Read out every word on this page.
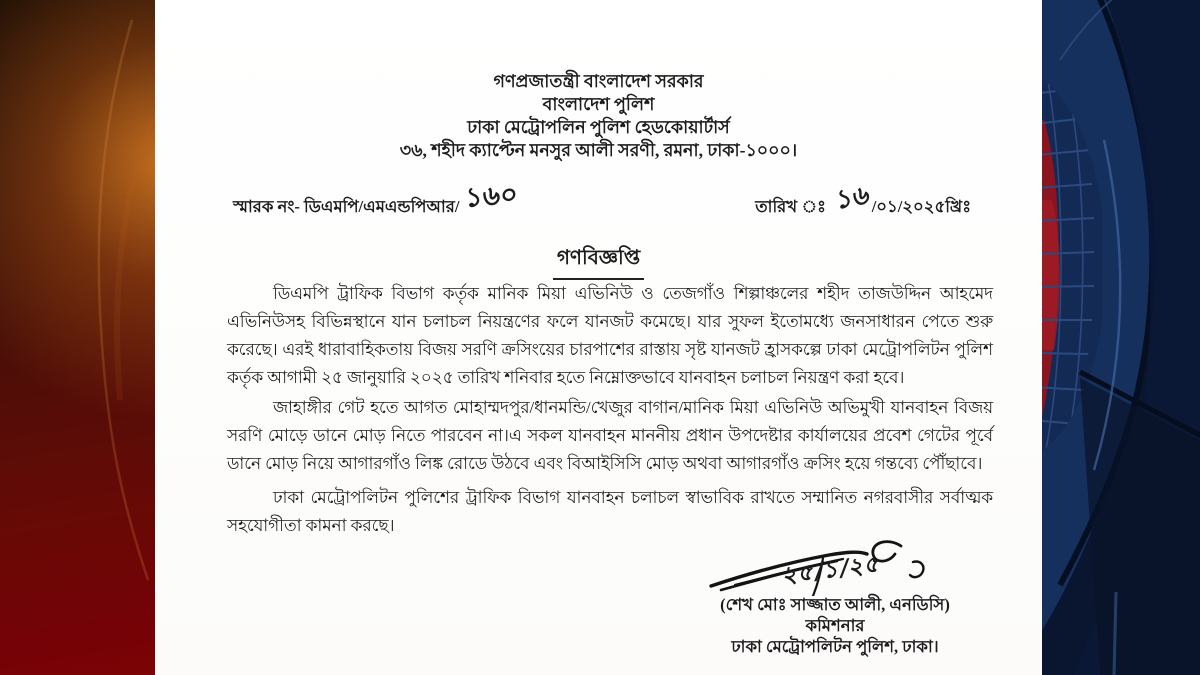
গণপ্রজাতন্ত্রী বাংলাদেশ সরকার
বাংলাদেশ পুলিশ
ঢাকা মেট্রোপলিন পুলিশ হেডকোয়ার্টার্স
৩৬, শহীদ ক্যাপ্টেন মনসুর আলী সরণী, রমনা, ঢাকা-১০০০।
স্মারক নং- ডিএমপি/এমএন্ডপিআর/ ১৬০	তারিখ ঃ ১৬ /০১/২০২৫খ্রিঃ
গণবিজ্ঞপ্তি

ডিএমপি ট্রাফিক বিভাগ কর্তৃক মানিক মিয়া এভিনিউ ও তেজগাঁও শিল্পাঞ্চলের শহীদ তাজউদ্দিন আহমেদ এভিনিউসহ বিভিন্নস্থানে যান চলাচল নিয়ন্ত্রণের ফলে যানজট কমেছে। যার সুফল ইতোমধ্যে জনসাধারন পেতে শুরু করেছে। এরই ধারাবাহিকতায় বিজয় সরণি ক্রসিংয়ের চারপাশের রাস্তায় সৃষ্ট যানজট হ্রাসকল্পে ঢাকা মেট্রোপলিটন পুলিশ কর্তৃক আগামী ২৫ জানুয়ারি ২০২৫ তারিখ শনিবার হতে নিম্নোক্তভাবে যানবাহন চলাচল নিয়ন্ত্রণ করা হবে।

জাহাঙ্গীর গেট হতে আগত মোহাম্মদপুর/ধানমন্ডি/খেজুর বাগান/মানিক মিয়া এভিনিউ অভিমুখী যানবাহন বিজয় সরণি মোড়ে ডানে মোড় নিতে পারবেন না।এ সকল যানবাহন মাননীয় প্রধান উপদেষ্টার কার্যালয়ের প্রবেশ গেটের পূর্বে ডানে মোড় নিয়ে আগারগাঁও লিঙ্ক রোডে উঠবে এবং বিআইসিসি মোড় অথবা আগারগাঁও ক্রসিং হয়ে গন্তব্যে পৌঁছাবে।

ঢাকা মেট্রোপলিটন পুলিশের ট্রাফিক বিভাগ যানবাহন চলাচল স্বাভাবিক রাখতে সম্মানিত নগরবাসীর সর্বাত্মক সহযোগীতা কামনা করছে।

২৫/১/২৫
(শেখ মোঃ সাজ্জাত আলী, এনডিসি)
কমিশনার
ঢাকা মেট্রোপলিটন পুলিশ, ঢাকা।
